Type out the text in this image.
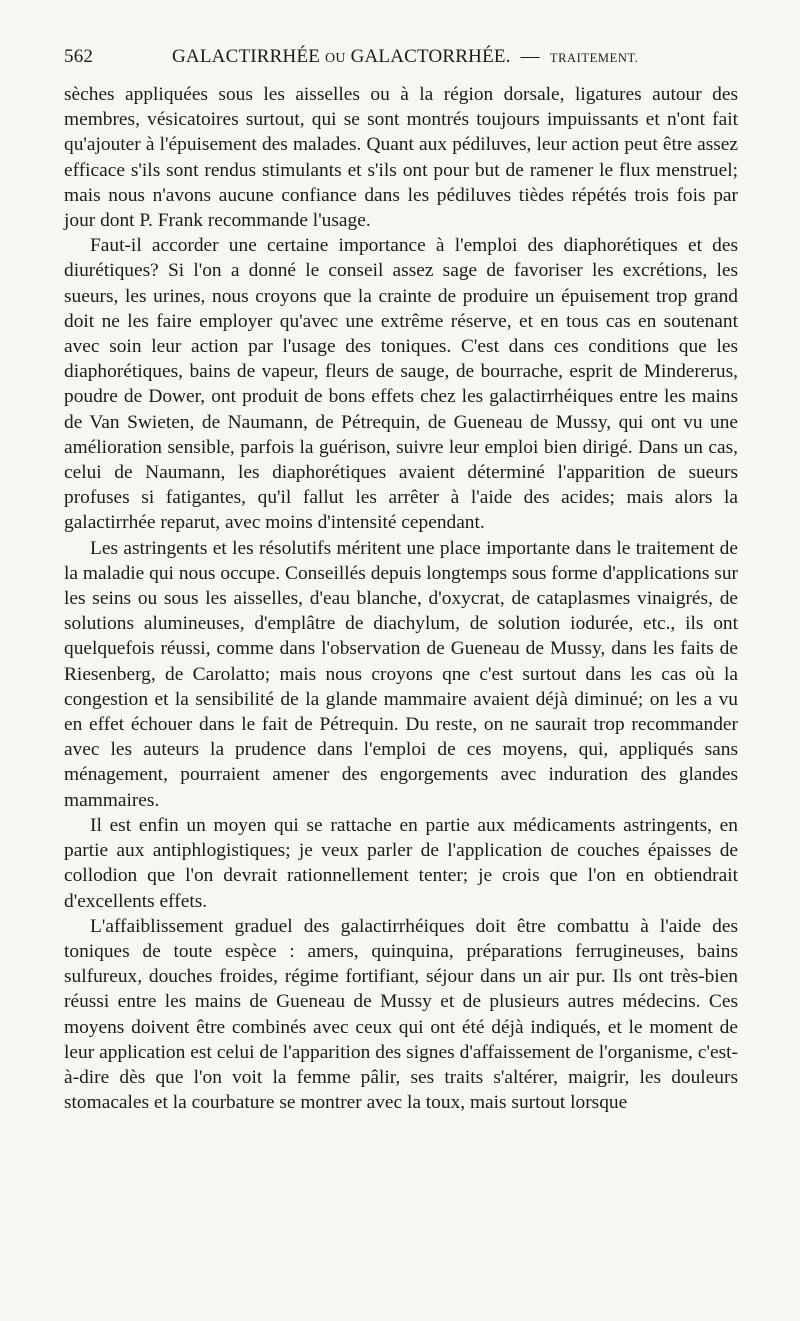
562	GALACTIRRHÉE OU GALACTORRHÉE. — TRAITEMENT.

sèches appliquées sous les aisselles ou à la région dorsale, ligatures autour des membres, vésicatoires surtout, qui se sont montrés toujours impuissants et n'ont fait qu'ajouter à l'épuisement des malades. Quant aux pédiluves, leur action peut être assez efficace s'ils sont rendus stimulants et s'ils ont pour but de ramener le flux menstruel; mais nous n'avons aucune confiance dans les pédiluves tièdes répétés trois fois par jour dont P. Frank recommande l'usage.

Faut-il accorder une certaine importance à l'emploi des diaphorétiques et des diurétiques? Si l'on a donné le conseil assez sage de favoriser les excrétions, les sueurs, les urines, nous croyons que la crainte de produire un épuisement trop grand doit ne les faire employer qu'avec une extrême réserve, et en tous cas en soutenant avec soin leur action par l'usage des toniques. C'est dans ces conditions que les diaphorétiques, bains de vapeur, fleurs de sauge, de bourrache, esprit de Mindererus, poudre de Dower, ont produit de bons effets chez les galactirrhéiques entre les mains de Van Swieten, de Naumann, de Pétrequin, de Gueneau de Mussy, qui ont vu une amélioration sensible, parfois la guérison, suivre leur emploi bien dirigé. Dans un cas, celui de Naumann, les diaphorétiques avaient déterminé l'apparition de sueurs profuses si fatigantes, qu'il fallut les arrêter à l'aide des acides; mais alors la galactirrhée reparut, avec moins d'intensité cependant.

Les astringents et les résolutifs méritent une place importante dans le traitement de la maladie qui nous occupe. Conseillés depuis longtemps sous forme d'applications sur les seins ou sous les aisselles, d'eau blanche, d'oxycrat, de cataplasmes vinaigrés, de solutions alumineuses, d'emplâtre de diachylum, de solution iodurée, etc., ils ont quelquefois réussi, comme dans l'observation de Gueneau de Mussy, dans les faits de Riesenberg, de Carolatto; mais nous croyons qne c'est surtout dans les cas où la congestion et la sensibilité de la glande mammaire avaient déjà diminué; on les a vu en effet échouer dans le fait de Pétrequin. Du reste, on ne saurait trop recommander avec les auteurs la prudence dans l'emploi de ces moyens, qui, appliqués sans ménagement, pourraient amener des engorgements avec induration des glandes mammaires.

Il est enfin un moyen qui se rattache en partie aux médicaments astringents, en partie aux antiphlogistiques; je veux parler de l'application de couches épaisses de collodion que l'on devrait rationnellement tenter; je crois que l'on en obtiendrait d'excellents effets.

L'affaiblissement graduel des galactirrhéiques doit être combattu à l'aide des toniques de toute espèce : amers, quinquina, préparations ferrugineuses, bains sulfureux, douches froides, régime fortifiant, séjour dans un air pur. Ils ont très-bien réussi entre les mains de Gueneau de Mussy et de plusieurs autres médecins. Ces moyens doivent être combinés avec ceux qui ont été déjà indiqués, et le moment de leur application est celui de l'apparition des signes d'affaissement de l'organisme, c'est-à-dire dès que l'on voit la femme pâlir, ses traits s'altérer, maigrir, les douleurs stomacales et la courbature se montrer avec la toux, mais surtout lorsque
